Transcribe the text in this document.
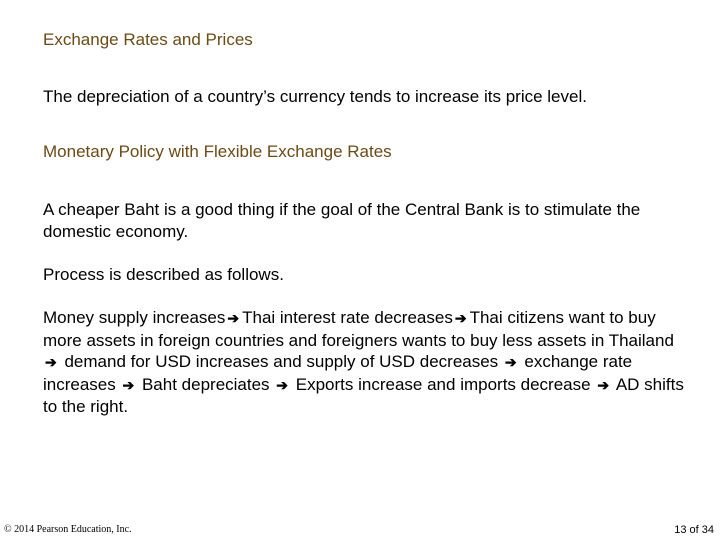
Exchange Rates and Prices
The depreciation of a country’s currency tends to increase its price level.
Monetary Policy with Flexible Exchange Rates
A cheaper Baht is a good thing if the goal of the Central Bank is to stimulate the domestic economy.
Process is described as follows.
Money supply increases ➔ Thai interest rate decreases ➔ Thai citizens want to buy more assets in foreign countries and foreigners wants to buy less assets in Thailand ➔ demand for USD increases and supply of USD decreases ➔ exchange rate increases ➔ Baht depreciates ➔ Exports increase and imports decrease ➔ AD shifts to the right.
© 2014 Pearson Education, Inc.	13 of 34
